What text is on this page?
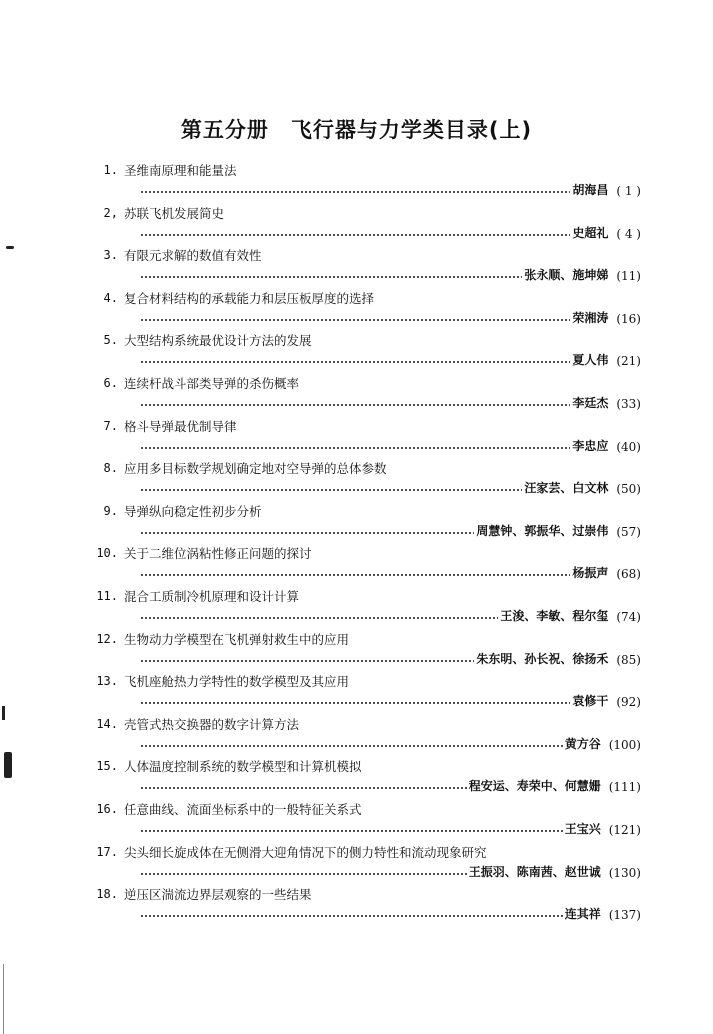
第五分册　飞行器与力学类目录(上)
1. 圣维南原理和能量法
胡海昌 ( 1 )
2, 苏联飞机发展简史
史超礼 ( 4 )
3. 有限元求解的数值有效性
张永顺、施坤娣 (11)
4. 复合材料结构的承载能力和层压板厚度的选择
荣湘涛 (16)
5. 大型结构系统最优设计方法的发展
夏人伟 (21)
6. 连续杆战斗部类导弹的杀伤概率
李廷杰 (33)
7. 格斗导弹最优制导律
李忠应 (40)
8. 应用多目标数学规划确定地对空导弹的总体参数
汪家芸、白文林 (50)
9. 导弹纵向稳定性初步分析
周慧钟、郭振华、过崇伟 (57)
10. 关于二维位涡粘性修正问题的探讨
杨振声 (68)
11. 混合工质制冷机原理和设计计算
王浚、李敏、程尔玺 (74)
12. 生物动力学模型在飞机弹射救生中的应用
朱东明、孙长祝、徐扬禾 (85)
13. 飞机座舱热力学特性的数学模型及其应用
袁修干 (92)
14. 壳管式热交换器的数字计算方法
黄方谷 (100)
15. 人体温度控制系统的数学模型和计算机模拟
程安运、寿荣中、何慧姗 (111)
16. 任意曲线、流面坐标系中的一般特征关系式
王宝兴 (121)
17. 尖头细长旋成体在无侧滑大迎角情况下的侧力特性和流动现象研究
王振羽、陈南茜、赵世诚 (130)
18. 逆压区湍流边界层观察的一些结果
连其祥 (137)
